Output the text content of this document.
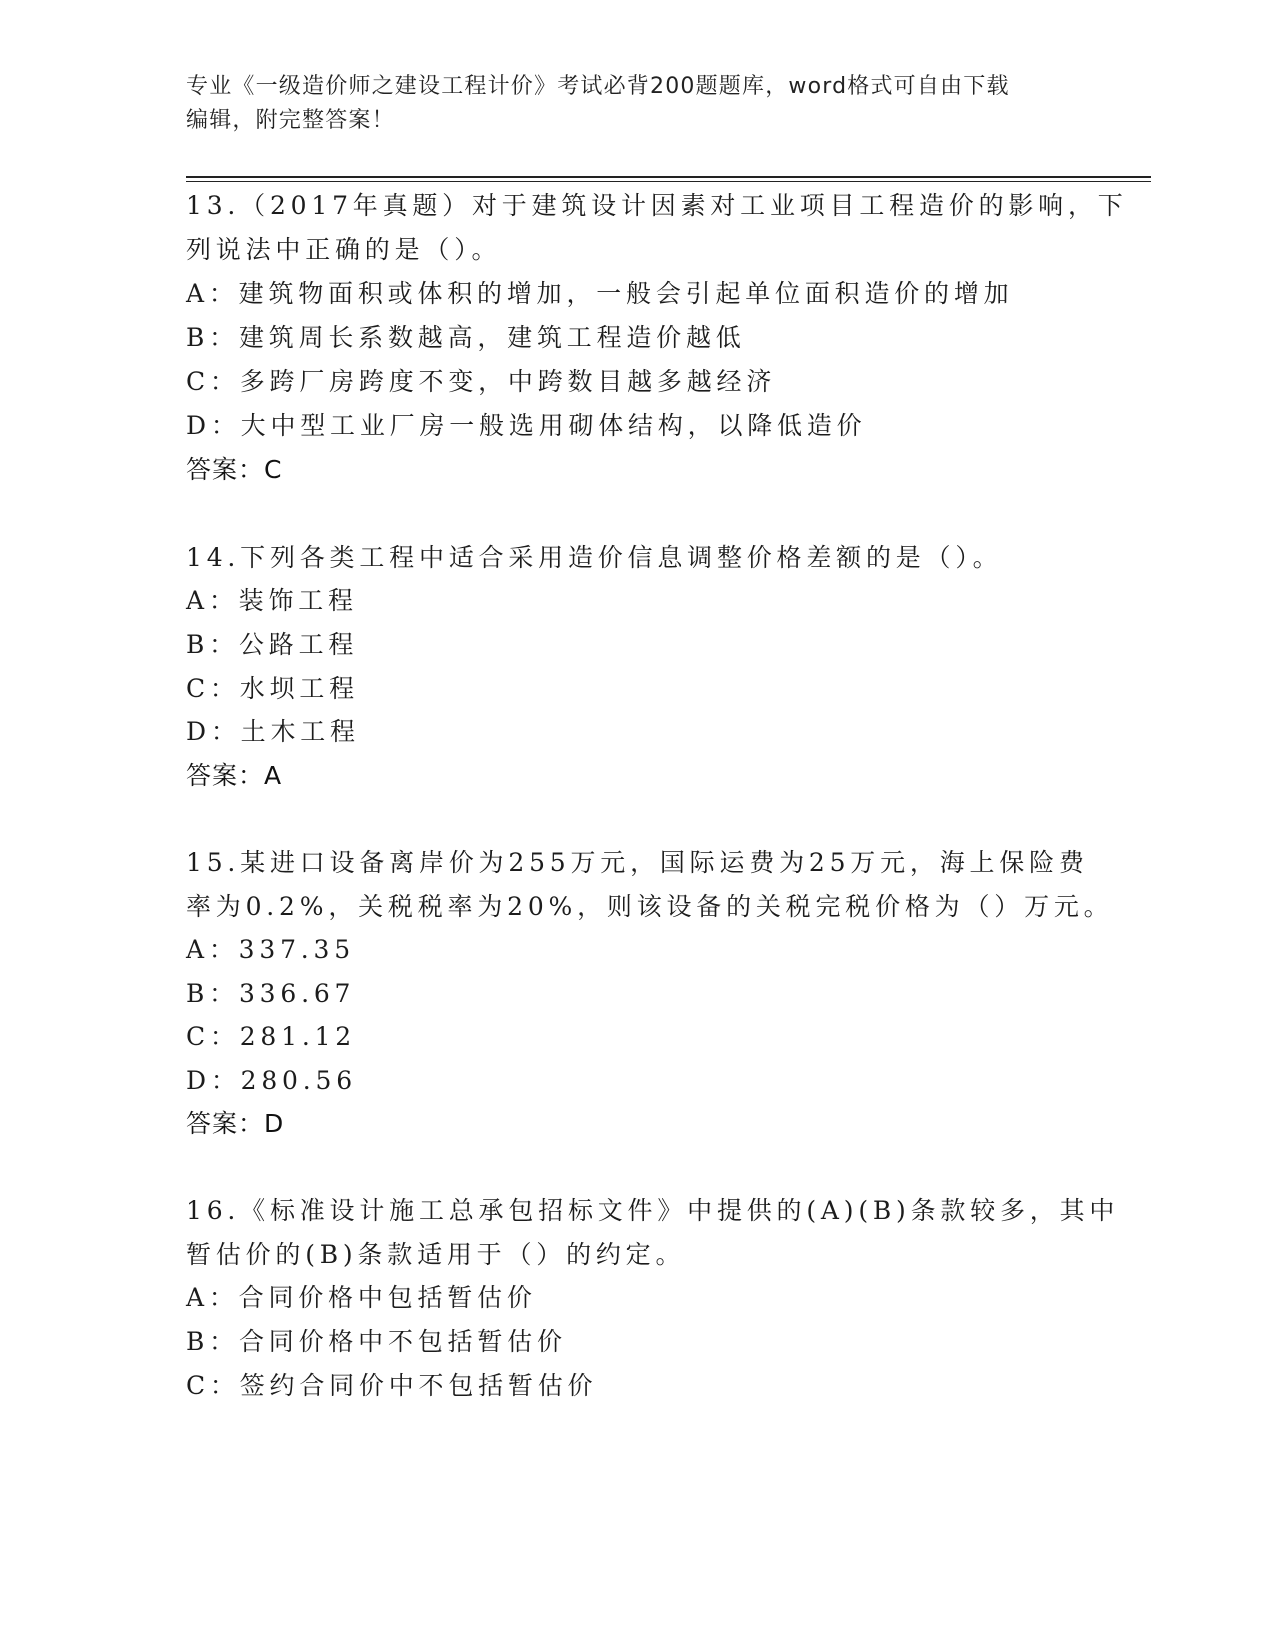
专业《一级造价师之建设工程计价》考试必背200题题库，word格式可自由下载
编辑，附完整答案！
13.（2017年真题）对于建筑设计因素对工业项目工程造价的影响，下
列说法中正确的是（）。
A：建筑物面积或体积的增加，一般会引起单位面积造价的增加
B：建筑周长系数越高，建筑工程造价越低
C：多跨厂房跨度不变，中跨数目越多越经济
D：大中型工业厂房一般选用砌体结构，以降低造价
答案：C
14.下列各类工程中适合采用造价信息调整价格差额的是（）。
A：装饰工程
B：公路工程
C：水坝工程
D：土木工程
答案：A
15.某进口设备离岸价为255万元，国际运费为25万元，海上保险费
率为0.2%，关税税率为20%，则该设备的关税完税价格为（）万元。
A：337.35
B：336.67
C：281.12
D：280.56
答案：D
16.《标准设计施工总承包招标文件》中提供的(A)(B)条款较多，其中
暂估价的(B)条款适用于（）的约定。
A：合同价格中包括暂估价
B：合同价格中不包括暂估价
C：签约合同价中不包括暂估价
